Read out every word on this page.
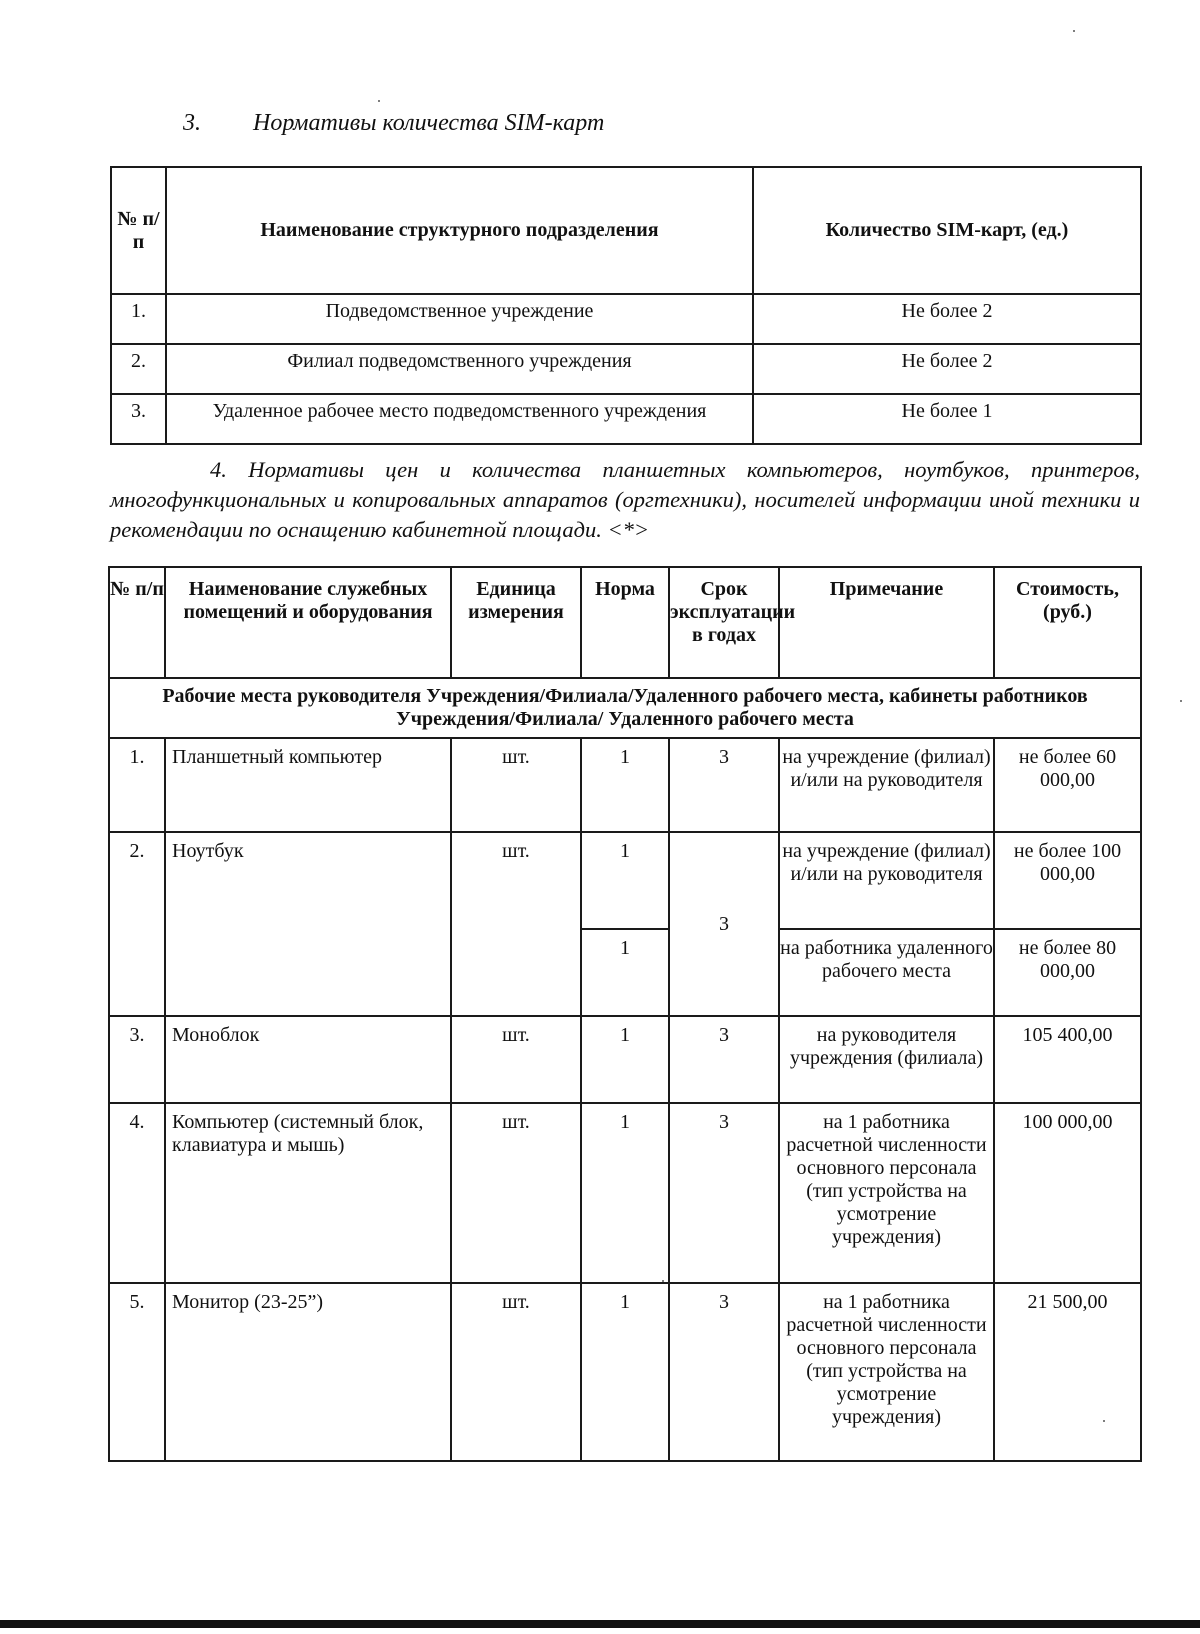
3. Нормативы количества SIM-карт
№ п/п	Наименование структурного подразделения	Количество SIM-карт, (ед.)
1.	Подведомственное учреждение	Не более 2
2.	Филиал подведомственного учреждения	Не более 2
3.	Удаленное рабочее место подведомственного учреждения	Не более 1
4. Нормативы цен и количества планшетных компьютеров, ноутбуков, принтеров, многофункциональных и копировальных аппаратов (оргтехники), носителей информации иной техники и рекомендации по оснащению кабинетной площади. <*>
№ п/п	Наименование служебных помещений и оборудования	Единица измерения	Норма	Срок эксплуатации в годах	Примечание	Стоимость, (руб.)
Рабочие места руководителя Учреждения/Филиала/Удаленного рабочего места, кабинеты работников Учреждения/Филиала/ Удаленного рабочего места						
1.	Планшетный компьютер	шт.	1	3	на учреждение (филиал) и/или на руководителя	не более 60 000,00
2.	Ноутбук	шт.	1	3	на учреждение (филиал) и/или на руководителя	не более 100 000,00
			1		на работника удаленного рабочего места	не более 80 000,00
3.	Моноблок	шт.	1	3	на руководителя учреждения (филиала)	105 400,00
4.	Компьютер (системный блок, клавиатура и мышь)	шт.	1	3	на 1 работника расчетной численности основного персонала (тип устройства на усмотрение учреждения)	100 000,00
5.	Монитор (23-25”)	шт.	1	3	на 1 работника расчетной численности основного персонала (тип устройства на усмотрение учреждения)	21 500,00
